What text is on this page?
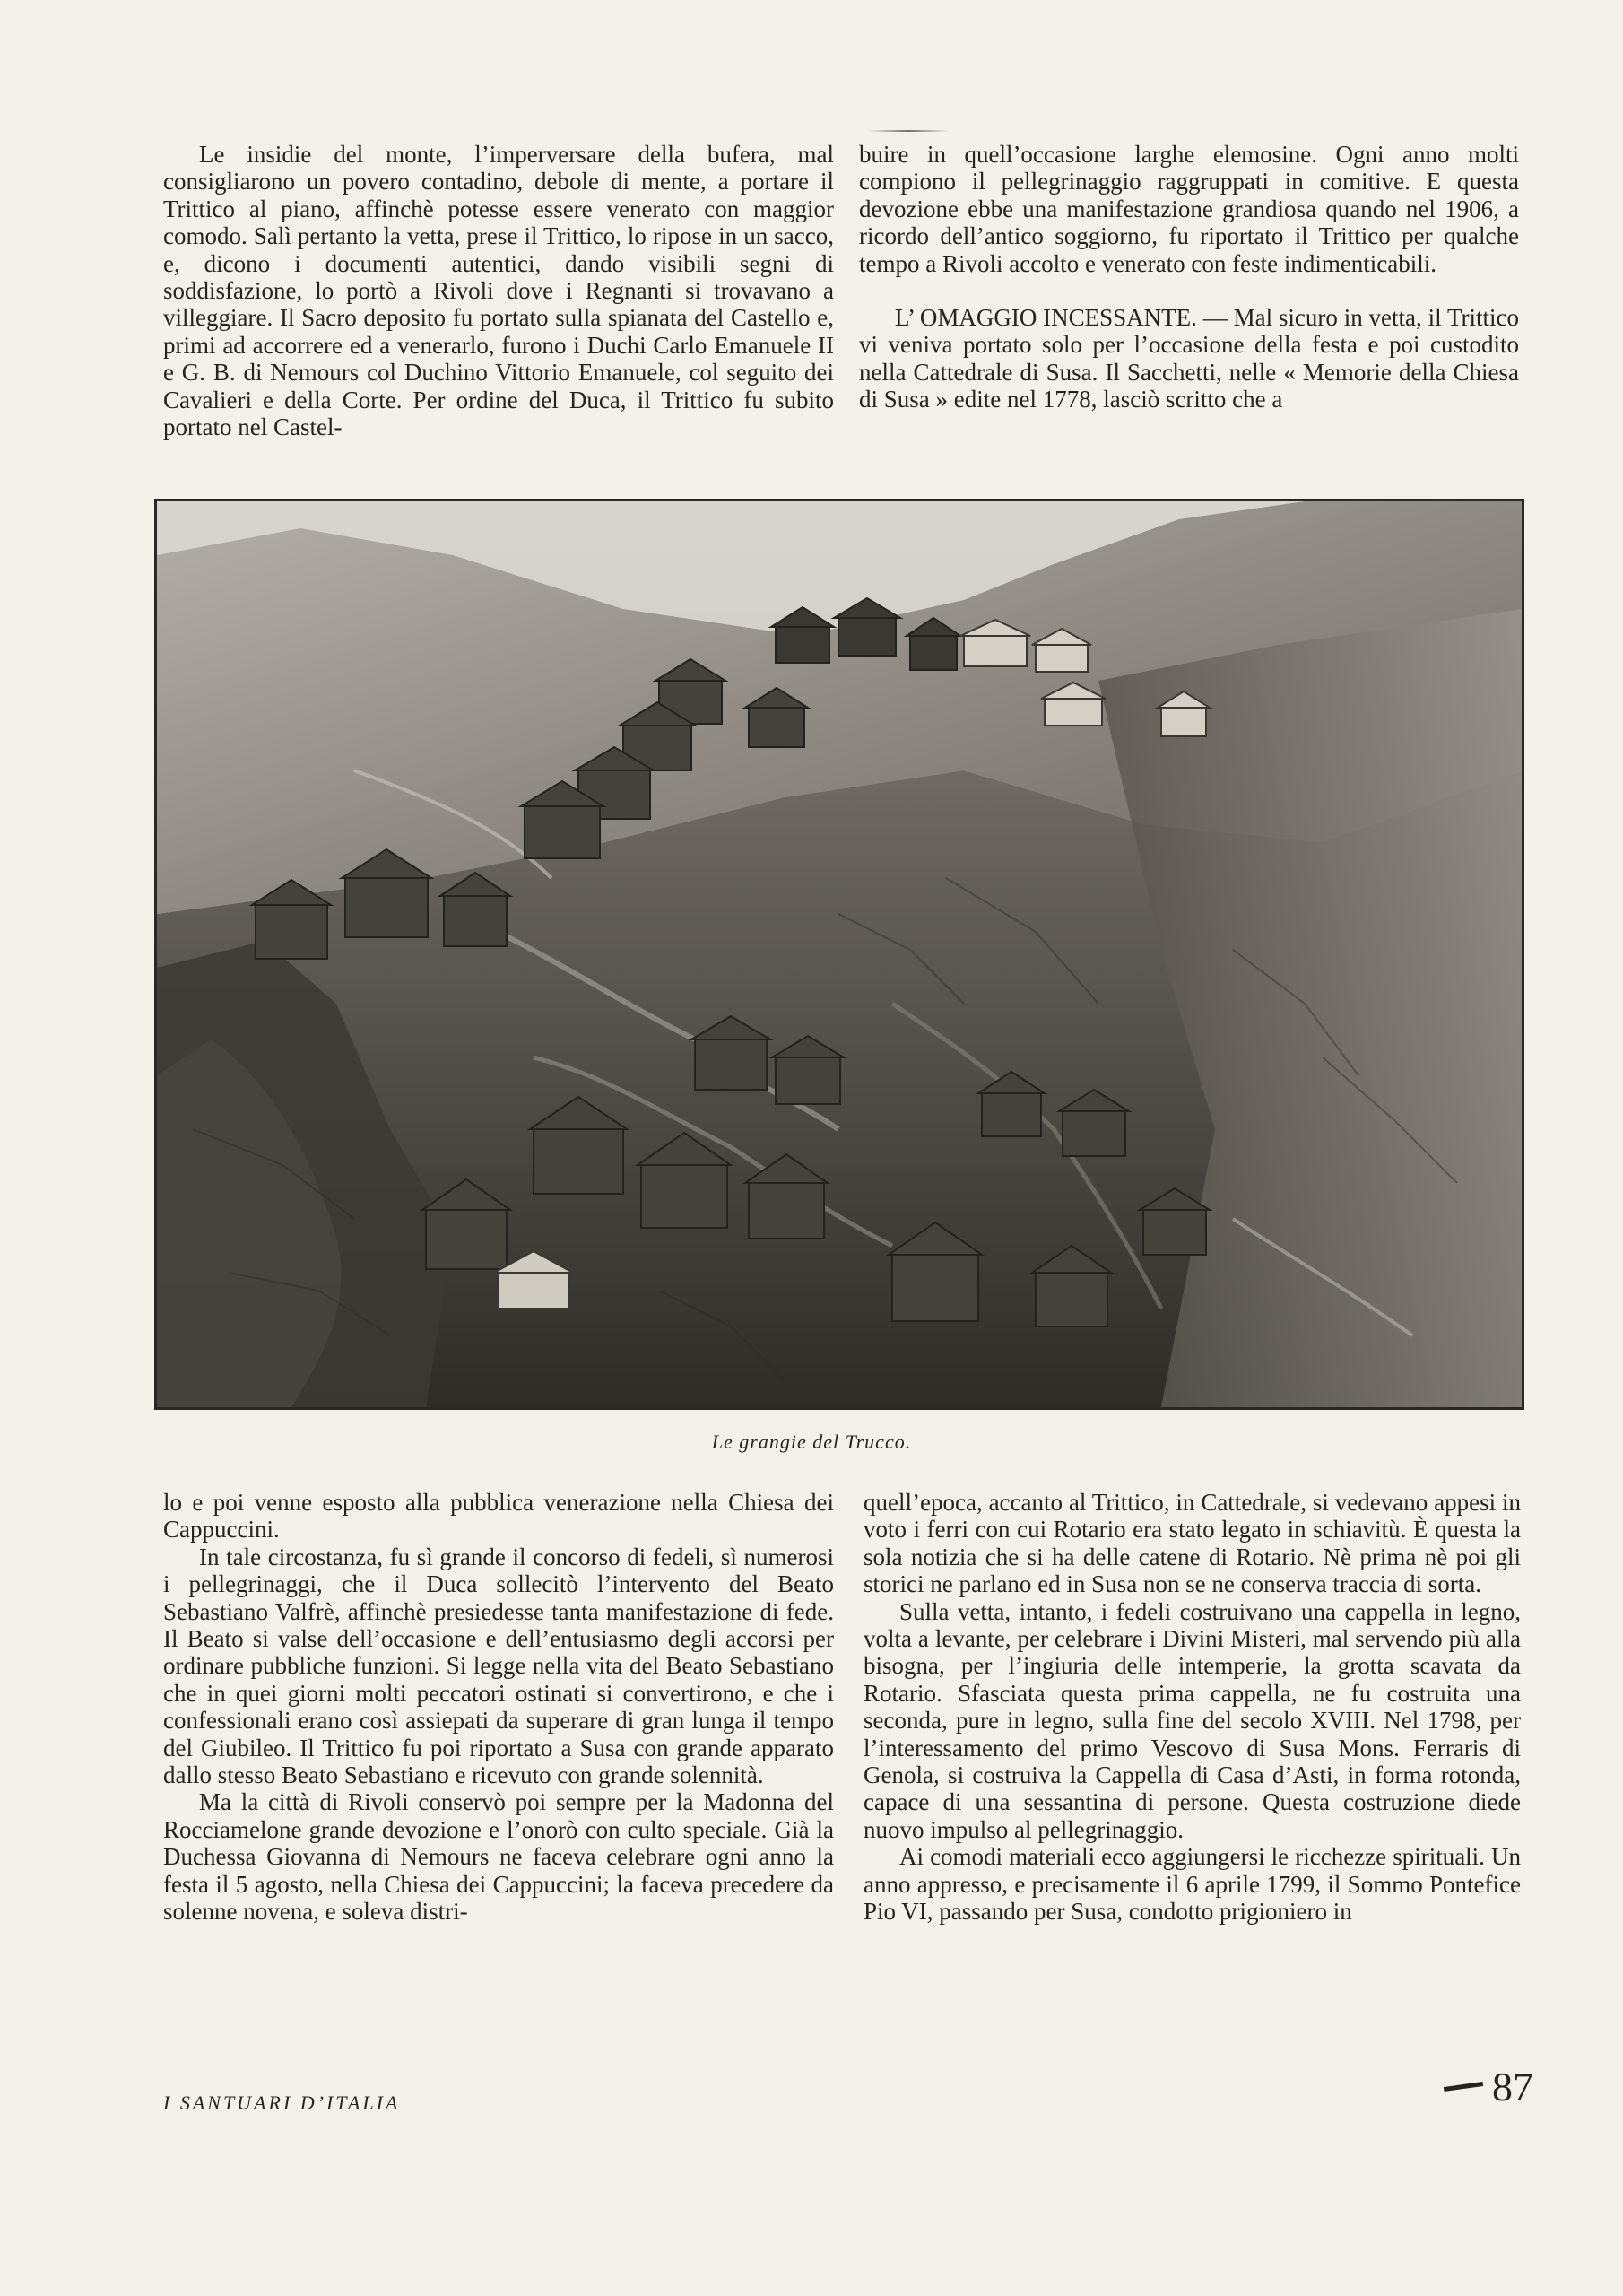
Le insidie del monte, l’imperversare della bufera, mal consigliarono un povero contadino, debole di mente, a portare il Trittico al piano, affinchè potesse essere venerato con maggior comodo. Salì pertanto la vetta, prese il Trittico, lo ripose in un sacco, e, dicono i documenti autentici, dando visibili segni di soddisfazione, lo portò a Rivoli dove i Regnanti si trovavano a villeggiare. Il Sacro deposito fu portato sulla spianata del Castello e, primi ad accorrere ed a venerarlo, furono i Duchi Carlo Emanuele II e G. B. di Nemours col Duchino Vittorio Emanuele, col seguito dei Cavalieri e della Corte. Per ordine del Duca, il Trittico fu subito portato nel Castel-

buire in quell’occasione larghe elemosine. Ogni anno molti compiono il pellegrinaggio raggruppati in comitive. E questa devozione ebbe una manifestazione grandiosa quando nel 1906, a ricordo dell’antico soggiorno, fu riportato il Trittico per qualche tempo a Rivoli accolto e venerato con feste indimenticabili.

L’ OMAGGIO INCESSANTE. — Mal sicuro in vetta, il Trittico vi veniva portato solo per l’occasione della festa e poi custodito nella Cattedrale di Susa. Il Sacchetti, nelle « Memorie della Chiesa di Susa » edite nel 1778, lasciò scritto che a

Le grangie del Trucco.

lo e poi venne esposto alla pubblica venerazione nella Chiesa dei Cappuccini.

In tale circostanza, fu sì grande il concorso di fedeli, sì numerosi i pellegrinaggi, che il Duca sollecitò l’intervento del Beato Sebastiano Valfrè, affinchè presiedesse tanta manifestazione di fede. Il Beato si valse dell’occasione e dell’entusiasmo degli accorsi per ordinare pubbliche funzioni. Si legge nella vita del Beato Sebastiano che in quei giorni molti peccatori ostinati si convertirono, e che i confessionali erano così assiepati da superare di gran lunga il tempo del Giubileo. Il Trittico fu poi riportato a Susa con grande apparato dallo stesso Beato Sebastiano e ricevuto con grande solennità.

Ma la città di Rivoli conservò poi sempre per la Madonna del Rocciamelone grande devozione e l’onorò con culto speciale. Già la Duchessa Giovanna di Nemours ne faceva celebrare ogni anno la festa il 5 agosto, nella Chiesa dei Cappuccini; la faceva precedere da solenne novena, e soleva distri-

quell’epoca, accanto al Trittico, in Cattedrale, si vedevano appesi in voto i ferri con cui Rotario era stato legato in schiavitù. È questa la sola notizia che si ha delle catene di Rotario. Nè prima nè poi gli storici ne parlano ed in Susa non se ne conserva traccia di sorta.

Sulla vetta, intanto, i fedeli costruivano una cappella in legno, volta a levante, per celebrare i Divini Misteri, mal servendo più alla bisogna, per l’ingiuria delle intemperie, la grotta scavata da Rotario. Sfasciata questa prima cappella, ne fu costruita una seconda, pure in legno, sulla fine del secolo XVIII. Nel 1798, per l’interessamento del primo Vescovo di Susa Mons. Ferraris di Genola, si costruiva la Cappella di Casa d’Asti, in forma rotonda, capace di una sessantina di persone. Questa costruzione diede nuovo impulso al pellegrinaggio.

Ai comodi materiali ecco aggiungersi le ricchezze spirituali. Un anno appresso, e precisamente il 6 aprile 1799, il Sommo Pontefice Pio VI, passando per Susa, condotto prigioniero in

I SANTUARI D’ITALIA	87
